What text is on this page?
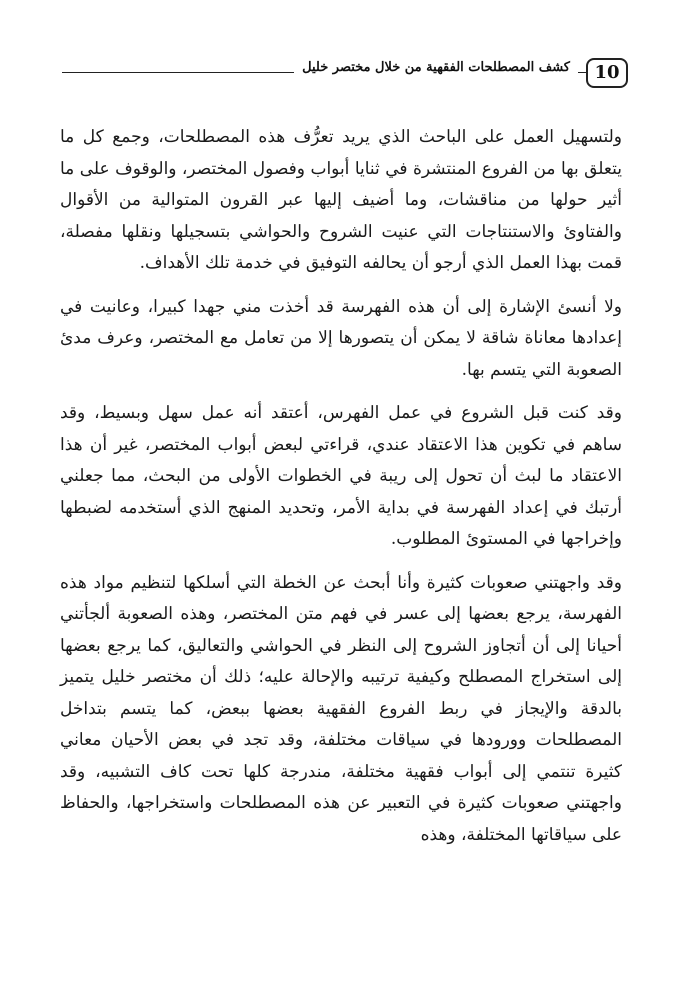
كشف المصطلحات الفقهية من خلال مختصر خليل	10

ولتسهيل العمل على الباحث الذي يريد تعرُّف هذه المصطلحات، وجمع كل ما يتعلق بها من الفروع المنتشرة في ثنايا أبواب وفصول المختصر، والوقوف على ما أثير حولها من مناقشات، وما أضيف إليها عبر القرون المتوالية من الأقوال والفتاوئ والاستنتاجات التي عنيت الشروح والحواشي بتسجيلها ونقلها مفصلة، قمت بهذا العمل الذي أرجو أن يحالفه التوفيق في خدمة تلك الأهداف.

ولا أنسئ الإشارة إلى أن هذه الفهرسة قد أخذت مني جهدا كبيرا، وعانيت في إعدادها معاناة شاقة لا يمكن أن يتصورها إلا من تعامل مع المختصر، وعرف مدئ الصعوبة التي يتسم بها.

وقد كنت قبل الشروع في عمل الفهرس، أعتقد أنه عمل سهل وبسيط، وقد ساهم في تكوين هذا الاعتقاد عندي، قراءتي لبعض أبواب المختصر، غير أن هذا الاعتقاد ما لبث أن تحول إلى ريبة في الخطوات الأولى من البحث، مما جعلني أرتبك في إعداد الفهرسة في بداية الأمر، وتحديد المنهج الذي أستخدمه لضبطها وإخراجها في المستوئ المطلوب.

وقد واجهتني صعوبات كثيرة وأنا أبحث عن الخطة التي أسلكها لتنظيم مواد هذه الفهرسة، يرجع بعضها إلى عسر في فهم متن المختصر، وهذه الصعوبة ألجأتني أحيانا إلى أن أتجاوز الشروح إلى النظر في الحواشي والتعاليق، كما يرجع بعضها إلى استخراج المصطلح وكيفية ترتيبه والإحالة عليه؛ ذلك أن مختصر خليل يتميز بالدقة والإيجاز في ربط الفروع الفقهية بعضها ببعض، كما يتسم بتداخل المصطلحات وورودها في سياقات مختلفة، وقد تجد في بعض الأحيان معاني كثيرة تنتمي إلى أبواب فقهية مختلفة، مندرجة كلها تحت كاف التشبيه، وقد واجهتني صعوبات كثيرة في التعبير عن هذه المصطلحات واستخراجها، والحفاظ على سياقاتها المختلفة، وهذه
